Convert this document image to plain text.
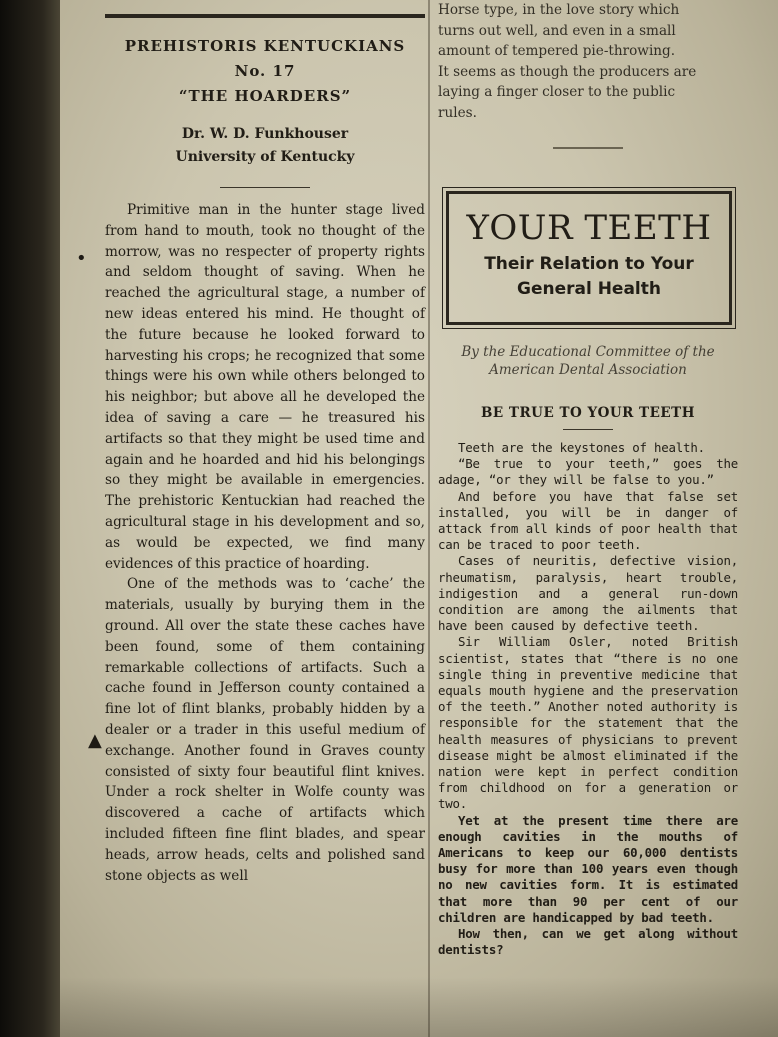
PREHISTORIS KENTUCKIANS
No. 17
“THE HOARDERS”
Dr. W. D. Funkhouser
University of Kentucky

Primitive man in the hunter stage lived from hand to mouth, took no thought of the morrow, was no respecter of property rights and seldom thought of saving. When he reached the agricultural stage, a number of new ideas entered his mind. He thought of the future because he looked forward to harvesting his crops; he recognized that some things were his own while others belonged to his neighbor; but above all he developed the idea of saving a care — he treasured his artifacts so that they might be used time and again and he hoarded and hid his belongings so they might be available in emergencies. The prehistoric Kentuckian had reached the agricultural stage in his development and so, as would be expected, we find many evidences of this practice of hoarding.

One of the methods was to ‘cache’ the materials, usually by burying them in the ground. All over the state these caches have been found, some of them containing remarkable collections of artifacts. Such a cache found in Jefferson county contained a fine lot of flint blanks, probably hidden by a dealer or a trader in this useful medium of exchange. Another found in Graves county consisted of sixty four beautiful flint knives. Under a rock shelter in Wolfe county was discovered a cache of artifacts which included fifteen fine flint blades, and spear heads, arrow heads, celts and polished sand stone objects as well

Horse type, in the love story which
turns out well, and even in a small
amount of tempered pie-throwing.
It seems as though the producers are
laying a finger closer to the public
rules.
YOUR TEETH
Their Relation to Your
General Health
By the Educational Committee of the
American Dental Association
BE TRUE TO YOUR TEETH

Teeth are the keystones of health.

“Be true to your teeth,” goes the adage, “or they will be false to you.”

And before you have that false set installed, you will be in danger of attack from all kinds of poor health that can be traced to poor teeth.

Cases of neuritis, defective vision, rheumatism, paralysis, heart trouble, indigestion and a general run-down condition are among the ailments that have been caused by defective teeth.

Sir William Osler, noted British scientist, states that “there is no one single thing in preventive medicine that equals mouth hygiene and the preservation of the teeth.” Another noted authority is responsible for the statement that the health measures of physicians to prevent disease might be almost eliminated if the nation were kept in perfect condition from childhood on for a generation or two.

Yet at the present time there are enough cavities in the mouths of Americans to keep our 60,000 dentists busy for more than 100 years even though no new cavities form. It is estimated that more than 90 per cent of our children are handicapped by bad teeth.

How then, can we get along without dentists?

•
▲
